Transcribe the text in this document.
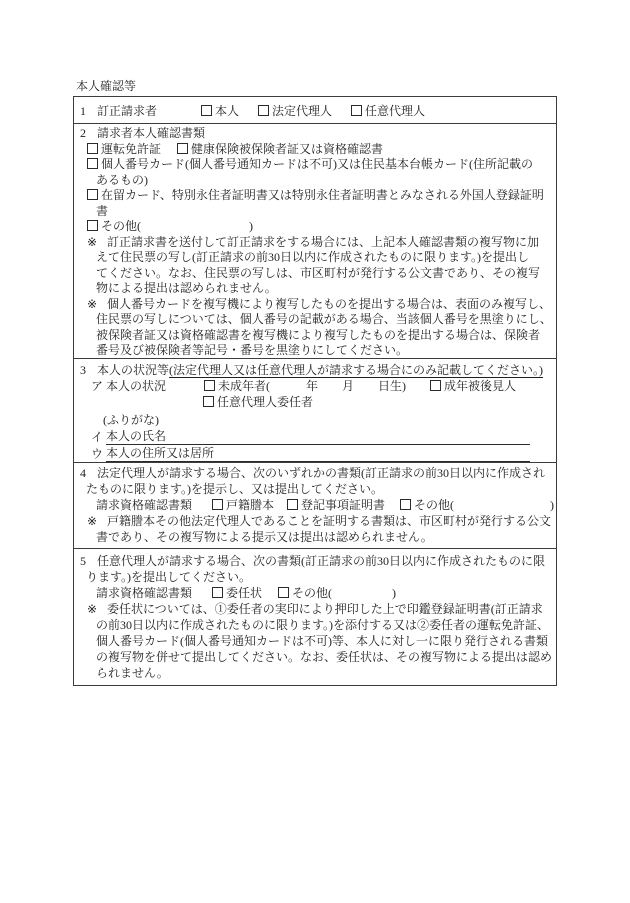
本人確認等
1 訂正請求者	本人	法定代理人	任意代理人
2 請求者本人確認書類
運転免許証	健康保険被保険者証又は資格確認書
個人番号カード(個人番号通知カードは不可)又は住民基本台帳カード(住所記載の
あるもの)
在留カード、特別永住者証明書又は特別永住者証明書とみなされる外国人登録証明
書
その他(　　　　　　　　　)
※ 訂正請求書を送付して訂正請求をする場合には、上記本人確認書類の複写物に加
えて住民票の写し(訂正請求の前30日以内に作成されたものに限ります。)を提出し
てください。なお、住民票の写しは、市区町村が発行する公文書であり、その複写
物による提出は認められません。
※ 個人番号カードを複写機により複写したものを提出する場合は、表面のみ複写し、
住民票の写しについては、個人番号の記載がある場合、当該個人番号を黒塗りにし、
被保険者証又は資格確認書を複写機により複写したものを提出する場合は、保険者
番号及び被保険者等記号・番号を黒塗りにしてください。
3 本人の状況等(法定代理人又は任意代理人が請求する場合にのみ記載してください。)
ア 本人の状況	未成年者(　　　年　　月　　日生)	成年被後見人
任意代理人委任者
(ふりがな)
イ 本人の氏名
ウ 本人の住所又は居所
4 法定代理人が請求する場合、次のいずれかの書類(訂正請求の前30日以内に作成され
たものに限ります。)を提示し、又は提出してください。
請求資格確認書類	戸籍謄本 登記事項証明書 その他(　　　　　　　　)
※ 戸籍謄本その他法定代理人であることを証明する書類は、市区町村が発行する公文
書であり、その複写物による提示又は提出は認められません。
5 任意代理人が請求する場合、次の書類(訂正請求の前30日以内に作成されたものに限
ります。)を提出してください。
請求資格確認書類	委任状	その他(　　　　　)
※ 委任状については、①委任者の実印により押印した上で印鑑登録証明書(訂正請求
の前30日以内に作成されたものに限ります。)を添付する又は②委任者の運転免許証、
個人番号カード(個人番号通知カードは不可)等、本人に対し一に限り発行される書類
の複写物を併せて提出してください。なお、委任状は、その複写物による提出は認め
られません。
